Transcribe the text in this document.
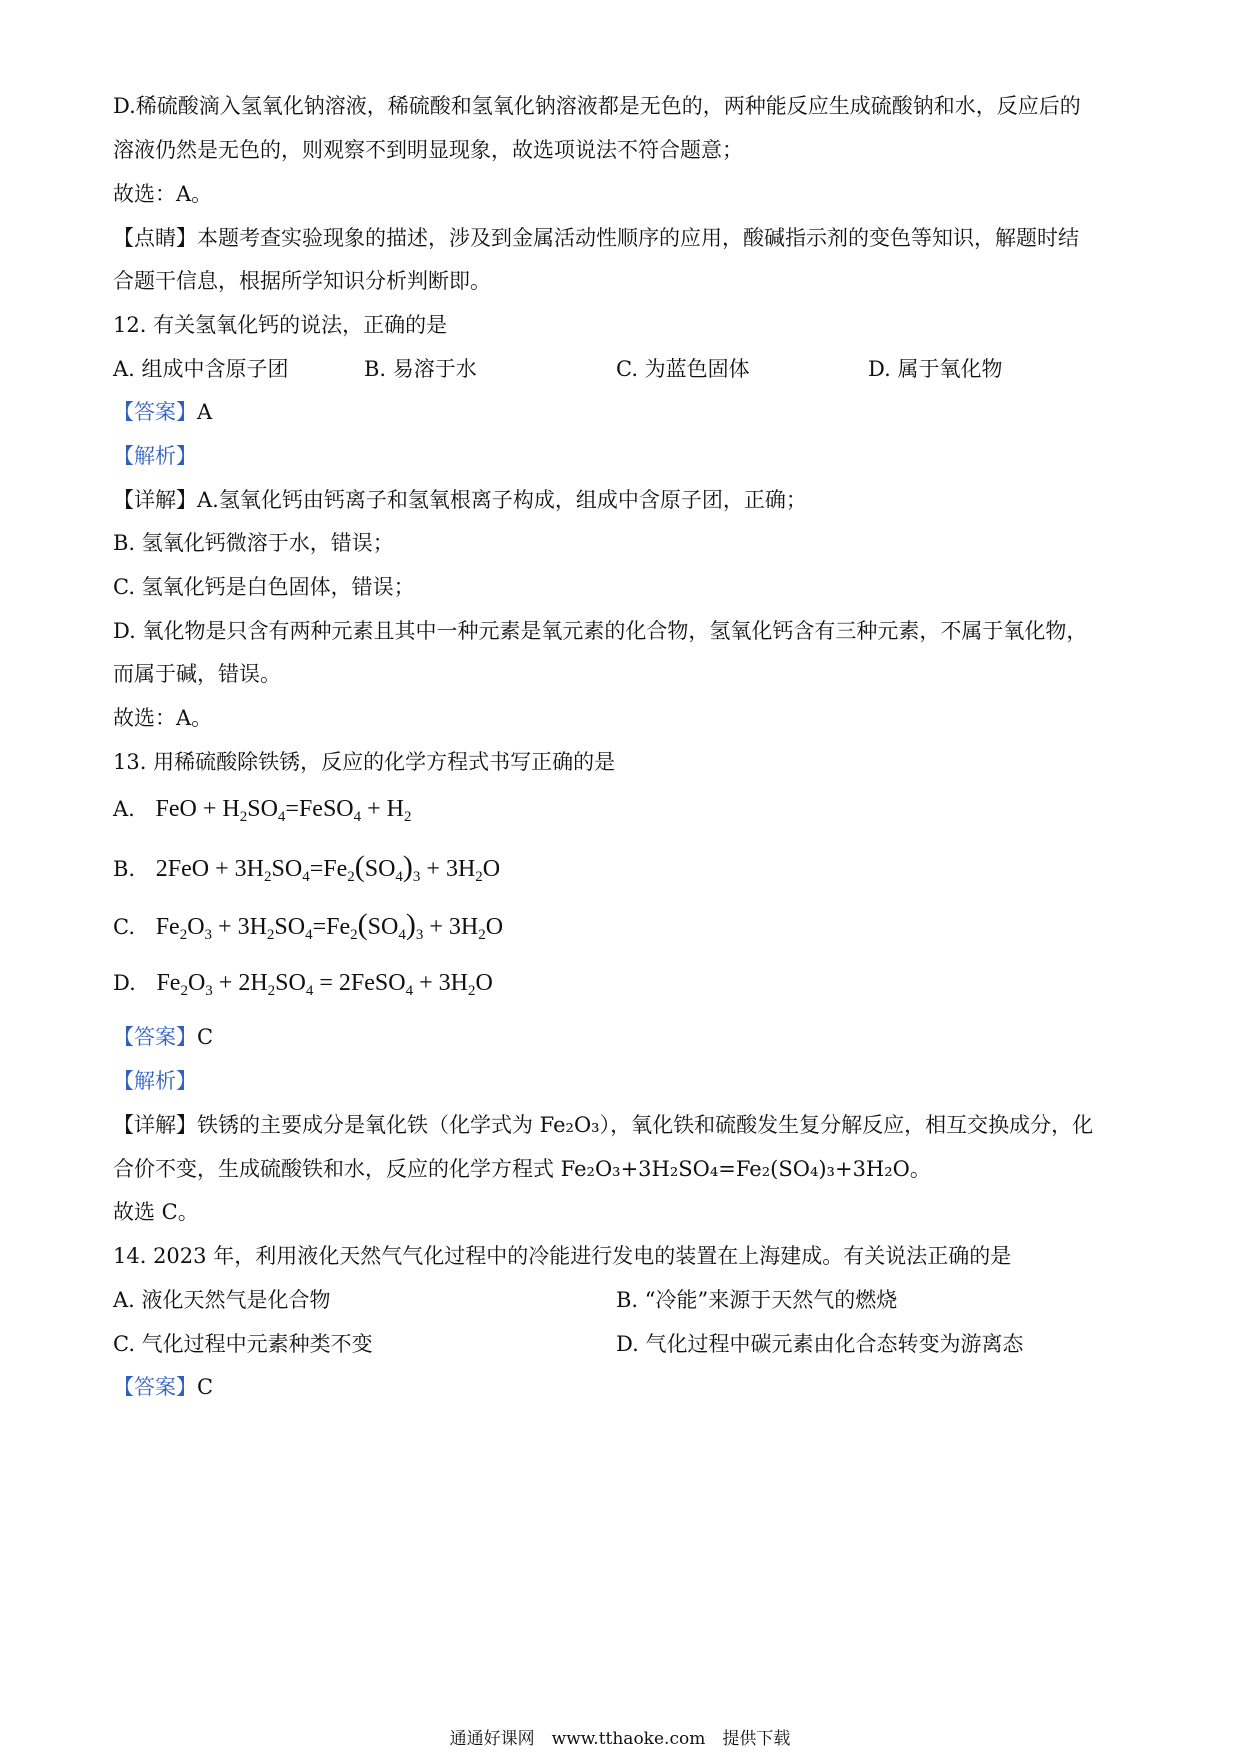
D.稀硫酸滴入氢氧化钠溶液，稀硫酸和氢氧化钠溶液都是无色的，两种能反应生成硫酸钠和水，反应后的
溶液仍然是无色的，则观察不到明显现象，故选项说法不符合题意；
故选：A。
【点睛】本题考查实验现象的描述，涉及到金属活动性顺序的应用，酸碱指示剂的变色等知识，解题时结
合题干信息，根据所学知识分析判断即。
12. 有关氢氧化钙的说法，正确的是
A. 组成中含原子团	B. 易溶于水	C. 为蓝色固体	D. 属于氧化物
【答案】A
【解析】
【详解】A.氢氧化钙由钙离子和氢氧根离子构成，组成中含原子团，正确；
B. 氢氧化钙微溶于水，错误；
C. 氢氧化钙是白色固体，错误；
D. 氧化物是只含有两种元素且其中一种元素是氧元素的化合物，氢氧化钙含有三种元素，不属于氧化物，
而属于碱，错误。
故选：A。
13. 用稀硫酸除铁锈，反应的化学方程式书写正确的是
A. FeO + $H_2SO_4=FeSO_4 + H_2$
B. $2FeO + 3H_2SO_4=Fe_2(SO_4)_3 + 3H_2O$
C. $Fe_2O_3 + 3H_2SO_4=Fe_2(SO_4)_3 + 3H_2O$
D. $Fe_2O_3 + 2H_2SO_4$ = 2FeSO$_4$ + $3H_2O$
【答案】C
【解析】
【详解】铁锈的主要成分是氧化铁（化学式为 Fe₂O₃），氧化铁和硫酸发生复分解反应，相互交换成分，化
合价不变，生成硫酸铁和水，反应的化学方程式 Fe₂O₃+3H₂SO₄=Fe₂(SO₄)₃+3H₂O。
故选 C。
14. 2023 年，利用液化天然气气化过程中的冷能进行发电的装置在上海建成。有关说法正确的是
A. 液化天然气是化合物	B. “冷能”来源于天然气的燃烧
C. 气化过程中元素种类不变	D. 气化过程中碳元素由化合态转变为游离态
【答案】C
通通好课网　www.tthaoke.com　提供下载
